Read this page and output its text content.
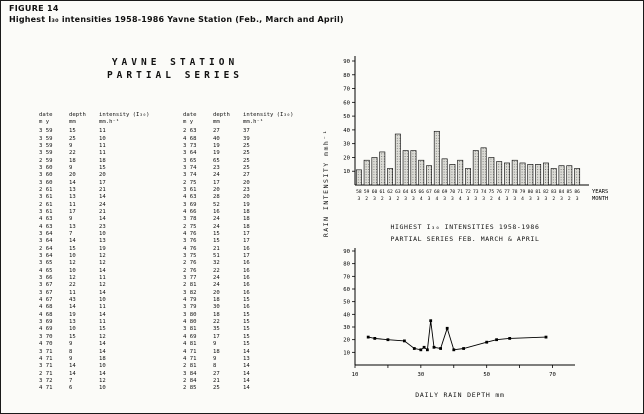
FIGURE 14
Highest I₃₀ intensities 1958-1986 Yavne Station (Feb., March and April)
YAVNE STATION
PARTIAL SERIES
date
m y
depth
mm
intensity (I₃₀)
mm.h⁻¹
3 59	15	11
3 59	25	10
3 59	9	11
3 59	22	11
2 59	18	18
3 60	9	15
3 60	20	20
3 60	14	17
2 61	13	21
3 61	13	14
2 61	11	24
3 61	17	21
4 63	9	14
4 63	13	23
3 64	7	10
3 64	14	13
2 64	15	19
3 64	10	12
3 65	12	12
4 65	10	14
3 66	12	11
3 67	22	12
3 67	11	14
4 67	43	10
4 68	14	11
4 68	19	14
3 69	13	11
4 69	10	15
3 70	15	12
4 70	9	14
3 71	8	14
4 71	9	18
3 71	14	10
2 71	14	14
3 72	7	12
4 71	6	10
date
m y
depth
mm
intensity (I₃₀)
mm.h⁻¹
2 63	27	37
4 68	40	39
3 73	19	25
3 64	19	25
3 65	65	25
3 74	23	25
3 74	24	27
2 75	17	20
3 61	20	23
4 63	28	20
3 69	52	19
4 66	16	18
3 78	24	18
2 75	24	18
4 76	15	17
3 76	15	17
4 76	21	16
3 75	51	17
2 76	32	16
2 76	22	16
3 77	24	16
2 81	24	16
3 82	20	16
4 79	18	15
3 79	30	16
3 80	18	15
4 80	22	15
3 81	35	15
4 69	17	15
4 81	9	15
4 71	18	14
4 71	9	13
2 81	8	14
3 84	27	14
2 84	21	14
2 85	25	14
RAIN INTENSITY mmh⁻¹	10
20
30
40
50
60
70
80
90
58
3
59
2
60
3
61
2
62
3
63
2
64
3
65
3
66
4
67
3
68
4
69
3
70
3
71
4
72
3
73
3
74
3
75
2
76
4
77
3
78
3
79
4
80
3
81
3
82
3
83
2
84
3
85
2
86
3
YEARS
MONTH
HIGHEST I₃₀ INTENSITIES 1958-1986
PARTIAL SERIES FEB. MARCH & APRIL
10
20
30
40
50
60
70
80
90
10	30	50	70
DAILY RAIN DEPTH mm
